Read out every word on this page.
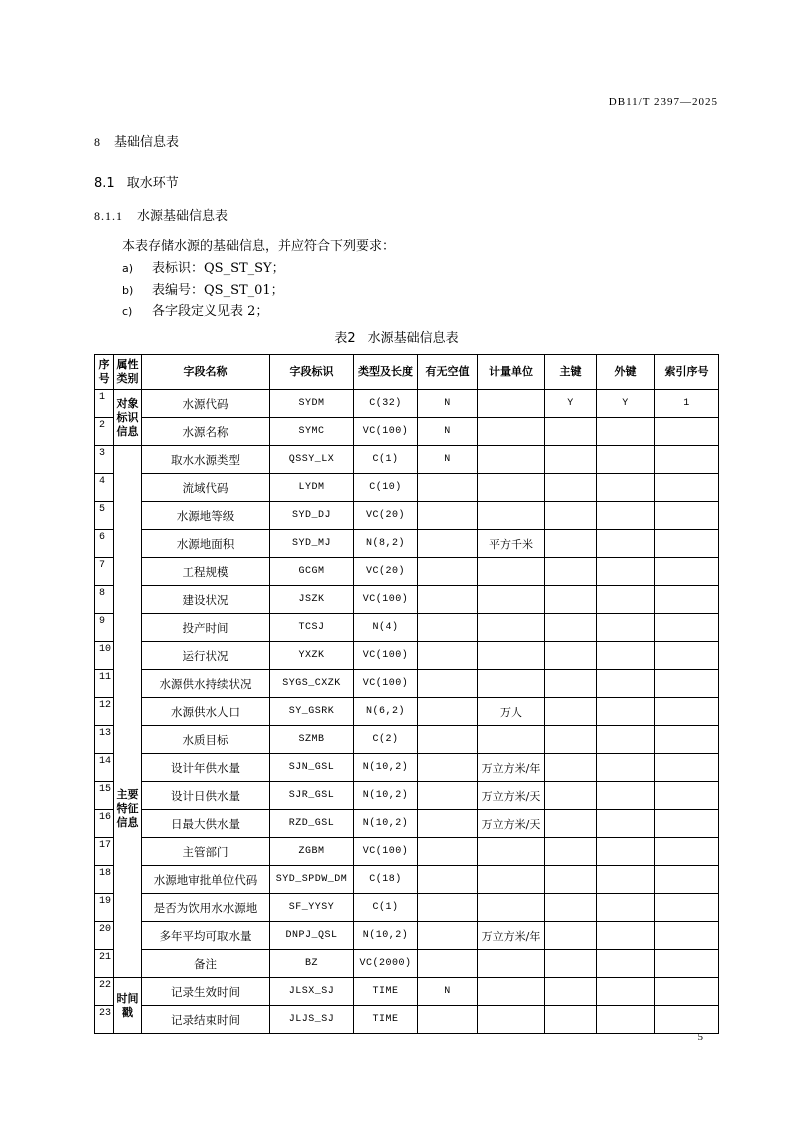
DB11/T 2397—2025
8 基础信息表
8.1 取水环节
8.1.1 水源基础信息表
本表存储水源的基础信息，并应符合下列要求：
a) 表标识：QS_ST_SY；
b) 表编号：QS_ST_01；
c) 各字段定义见表 2；
表2 水源基础信息表
序号	属性类别	字段名称	字段标识	类型及长度	有无空值	计量单位	主键	外键	索引序号
1	对象标识信息	水源代码	SYDM	C(32)	N		Y	Y	1
2		水源名称	SYMC	VC(100)	N				
3	主要特征信息	取水水源类型	QSSY_LX	C(1)	N				
4		流域代码	LYDM	C(10)					
5		水源地等级	SYD_DJ	VC(20)					
6		水源地面积	SYD_MJ	N(8,2)		平方千米			
7		工程规模	GCGM	VC(20)					
8		建设状况	JSZK	VC(100)					
9		投产时间	TCSJ	N(4)					
10		运行状况	YXZK	VC(100)					
11		水源供水持续状况	SYGS_CXZK	VC(100)					
12		水源供水人口	SY_GSRK	N(6,2)		万人			
13		水质目标	SZMB	C(2)					
14		设计年供水量	SJN_GSL	N(10,2)		万立方米/年			
15		设计日供水量	SJR_GSL	N(10,2)		万立方米/天			
16		日最大供水量	RZD_GSL	N(10,2)		万立方米/天			
17		主管部门	ZGBM	VC(100)					
18		水源地审批单位代码	SYD_SPDW_DM	C(18)					
19		是否为饮用水水源地	SF_YYSY	C(1)					
20		多年平均可取水量	DNPJ_QSL	N(10,2)		万立方米/年			
21		备注	BZ	VC(2000)					
22	时间戳	记录生效时间	JLSX_SJ	TIME	N				
23		记录结束时间	JLJS_SJ	TIME					
5
